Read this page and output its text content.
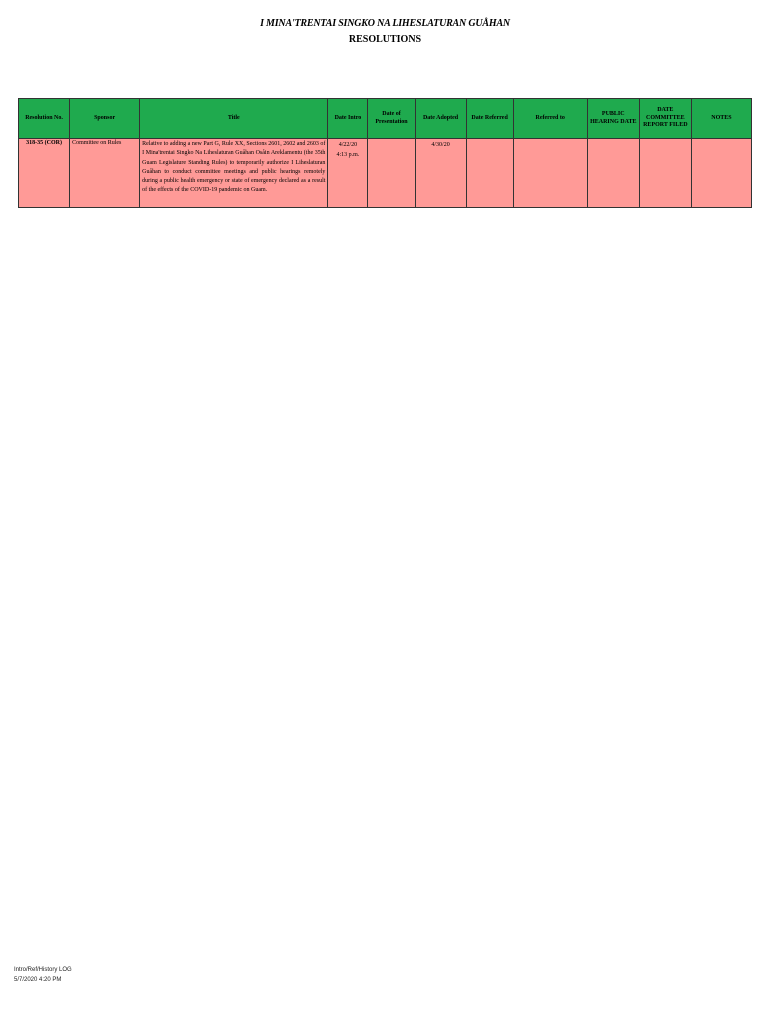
I MINA'TRENTAI SINGKO NA LIHESLATURAN GUÅHAN
RESOLUTIONS
Resolution No.	Sponsor	Title	Date Intro	Date of Presentation	Date Adopted	Date Referred	Referred to	PUBLIC HEARING DATE	DATE COMMITTEE REPORT FILED	NOTES
318-35 (COR)	Committee on Rules	Relative to adding a new Part G, Rule XX, Sections 2601, 2602 and 2603 of I Mina'trentai Singko Na Liheslaturan Guåhan Osåin Areklamentu (the 35th Guam Legislature Standing Rules) to temporarily authorize I Liheslaturan Guåhan to conduct committee meetings and public hearings remotely during a public health emergency or state of emergency declared as a result of the effects of the COVID-19 pandemic on Guam.	4/22/20
4:13 p.m.		4/30/20					
Intro/Ref/History LOG
5/7/2020 4:20 PM
